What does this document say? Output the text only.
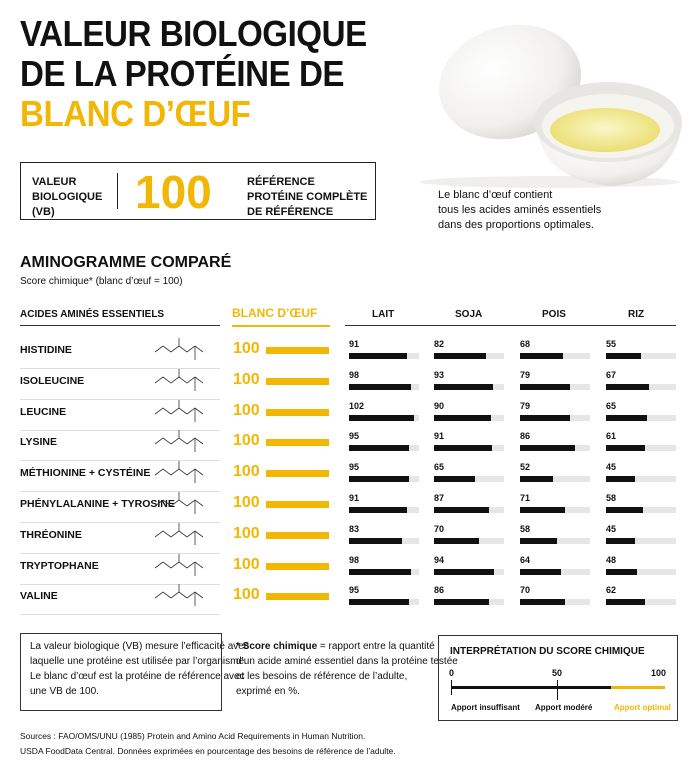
VALEUR BIOLOGIQUE
DE LA PROTÉINE DE
BLANC D’ŒUF
VALEUR
BIOLOGIQUE
(VB)	100	RÉFÉRENCE
PROTÉINE COMPLÈTE
DE RÉFÉRENCE
Le blanc d’œuf contient
tous les acides aminés essentiels
dans des proportions optimales.
AMINOGRAMME COMPARÉ
Score chimique* (blanc d’œuf = 100)
ACIDES AMINÉS ESSENTIELS	BLANC D’ŒUF	LAIT	SOJA	POIS	RIZ
HISTIDINE	100	91	82	68	55
ISOLEUCINE	100	98	93	79	67
LEUCINE	100	102	90	79	65
LYSINE	100	95	91	86	61
MÉTHIONINE + CYSTÉINE	100	95	65	52	45
PHÉNYLALANINE + TYROSINE	100	91	87	71	58
THRÉONINE	100	83	70	58	45
TRYPTOPHANE	100	98	94	64	48
VALINE	100	95	86	70	62
La valeur biologique (VB) mesure l’efficacité avec
laquelle une protéine est utilisée par l’organisme.
Le blanc d’œuf est la protéine de référence avec
une VB de 100.
* Score chimique = rapport entre la quantité
d’un acide aminé essentiel dans la protéine testée
et les besoins de référence de l’adulte,
exprimé en %.
INTERPRÉTATION DU SCORE CHIMIQUE
0	50	100
Apport insuffisant Apport modéré	Apport optimal
Sources : FAO/OMS/UNU (1985) Protein and Amino Acid Requirements in Human Nutrition.
USDA FoodData Central. Données exprimées en pourcentage des besoins de référence de l’adulte.
